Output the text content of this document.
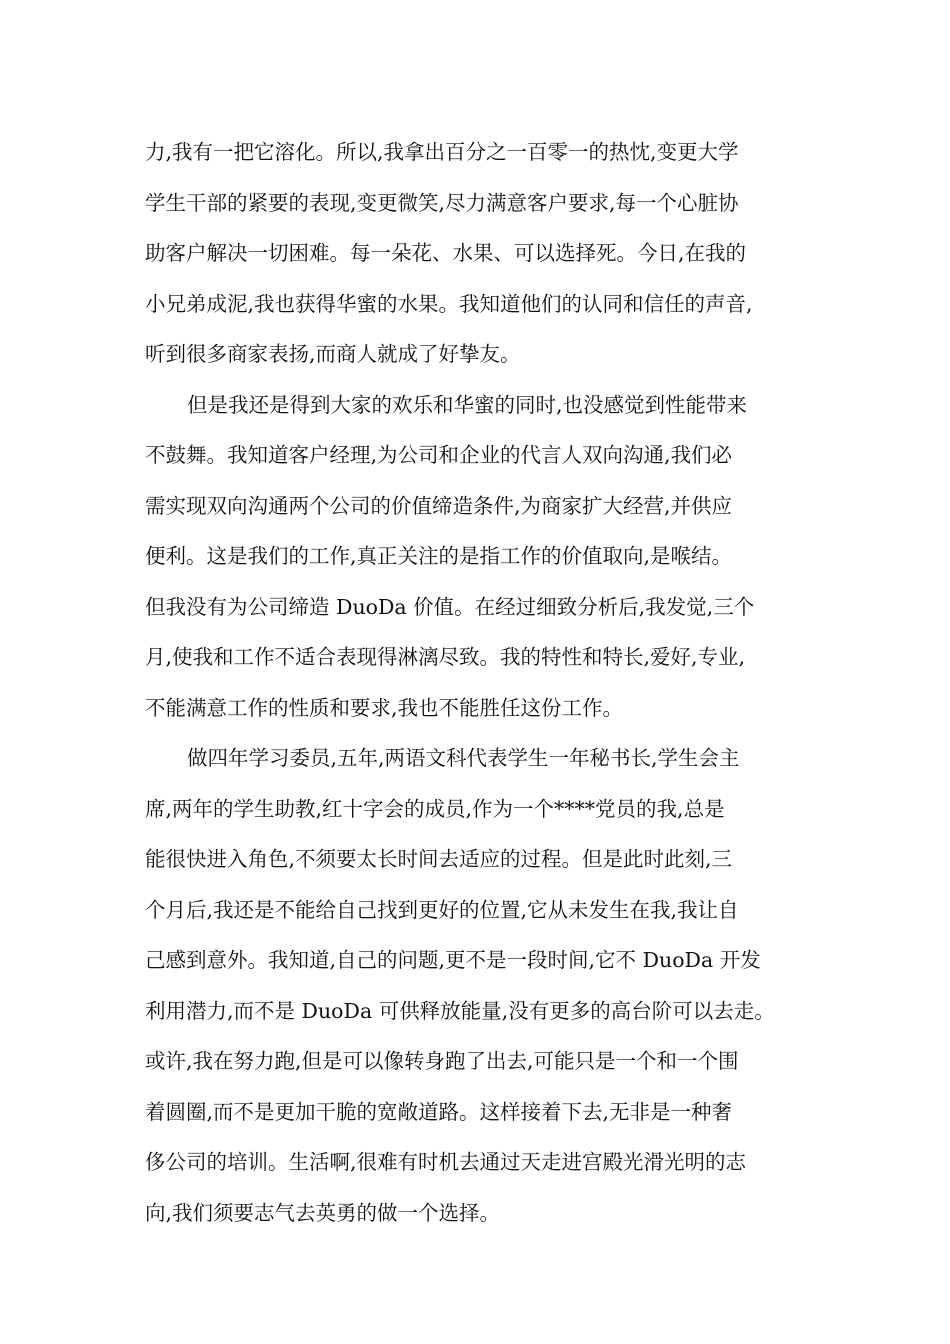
力,我有一把它溶化。所以,我拿出百分之一百零一的热忱,变更大学
学生干部的紧要的表现,变更微笑,尽力满意客户要求,每一个心脏协
助客户解决一切困难。每一朵花、水果、可以选择死。今日,在我的
小兄弟成泥,我也获得华蜜的水果。我知道他们的认同和信任的声音,
听到很多商家表扬,而商人就成了好挚友。
但是我还是得到大家的欢乐和华蜜的同时,也没感觉到性能带来
不鼓舞。我知道客户经理,为公司和企业的代言人双向沟通,我们必
需实现双向沟通两个公司的价值缔造条件,为商家扩大经营,并供应
便利。这是我们的工作,真正关注的是指工作的价值取向,是喉结。
但我没有为公司缔造 DuoDa 价值。在经过细致分析后,我发觉,三个
月,使我和工作不适合表现得淋漓尽致。我的特性和特长,爱好,专业,
不能满意工作的性质和要求,我也不能胜任这份工作。
做四年学习委员,五年,两语文科代表学生一年秘书长,学生会主
席,两年的学生助教,红十字会的成员,作为一个****党员的我,总是
能很快进入角色,不须要太长时间去适应的过程。但是此时此刻,三
个月后,我还是不能给自己找到更好的位置,它从未发生在我,我让自
己感到意外。我知道,自己的问题,更不是一段时间,它不 DuoDa 开发
利用潜力,而不是 DuoDa 可供释放能量,没有更多的高台阶可以去走。
或许,我在努力跑,但是可以像转身跑了出去,可能只是一个和一个围
着圆圈,而不是更加干脆的宽敞道路。这样接着下去,无非是一种奢
侈公司的培训。生活啊,很难有时机去通过天走进宫殿光滑光明的志
向,我们须要志气去英勇的做一个选择。
